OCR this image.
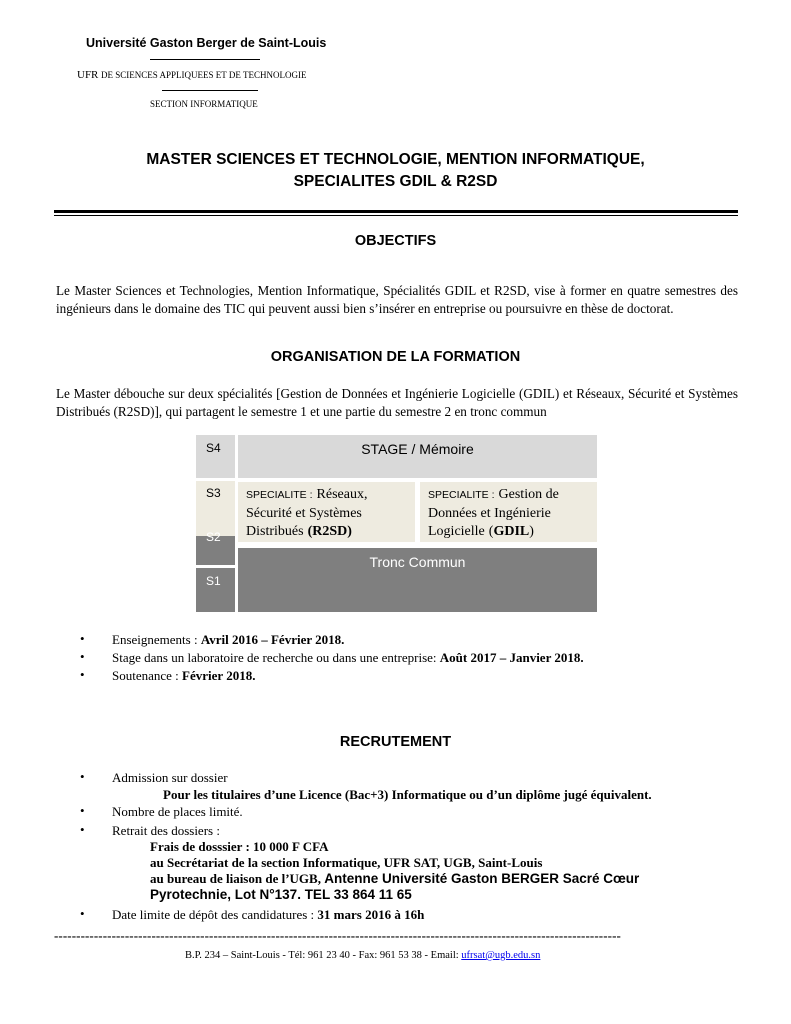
Université Gaston Berger de Saint-Louis
UFR DE SCIENCES APPLIQUEES ET DE TECHNOLOGIE
SECTION INFORMATIQUE
MASTER SCIENCES ET TECHNOLOGIE, MENTION INFORMATIQUE,
SPECIALITES GDIL & R2SD
OBJECTIFS
Le Master Sciences et Technologies, Mention Informatique, Spécialités GDIL et R2SD, vise à former en quatre semestres des ingénieurs dans le domaine des TIC qui peuvent aussi bien s’insérer en entreprise ou poursuivre en thèse de doctorat.
ORGANISATION DE LA FORMATION
Le Master débouche sur deux spécialités [Gestion de Données et Ingénierie Logicielle (GDIL) et Réseaux, Sécurité et Systèmes Distribués (R2SD)], qui partagent le semestre 1 et une partie du semestre 2 en tronc commun
S4
S3
S2
S1
STAGE / Mémoire
SPECIALITE : Réseaux, Sécurité et Systèmes Distribués (R2SD)
SPECIALITE : Gestion de Données et Ingénierie Logicielle (GDIL)
Tronc Commun
• Enseignements : Avril 2016 – Février 2018.
• Stage dans un laboratoire de recherche ou dans une entreprise: Août 2017 – Janvier 2018.
• Soutenance : Février 2018.
RECRUTEMENT
• Admission sur dossier
Pour les titulaires d’une Licence (Bac+3) Informatique ou d’un diplôme jugé équivalent.
• Nombre de places limité.
• Retrait des dossiers :
Frais de dosssier : 10 000 F CFA
au Secrétariat de la section Informatique, UFR SAT, UGB, Saint-Louis
au bureau de liaison de l’UGB, Antenne Université Gaston BERGER Sacré Cœur
Pyrotechnie, Lot N°137. TEL 33 864 11 65
• Date limite de dépôt des candidatures : 31 mars 2016 à 16h
--------------------------------------------------------------------------------------------------------------------------------
B.P. 234 – Saint-Louis - Tél: 961 23 40 - Fax: 961 53 38 - Email: ufrsat@ugb.edu.sn
